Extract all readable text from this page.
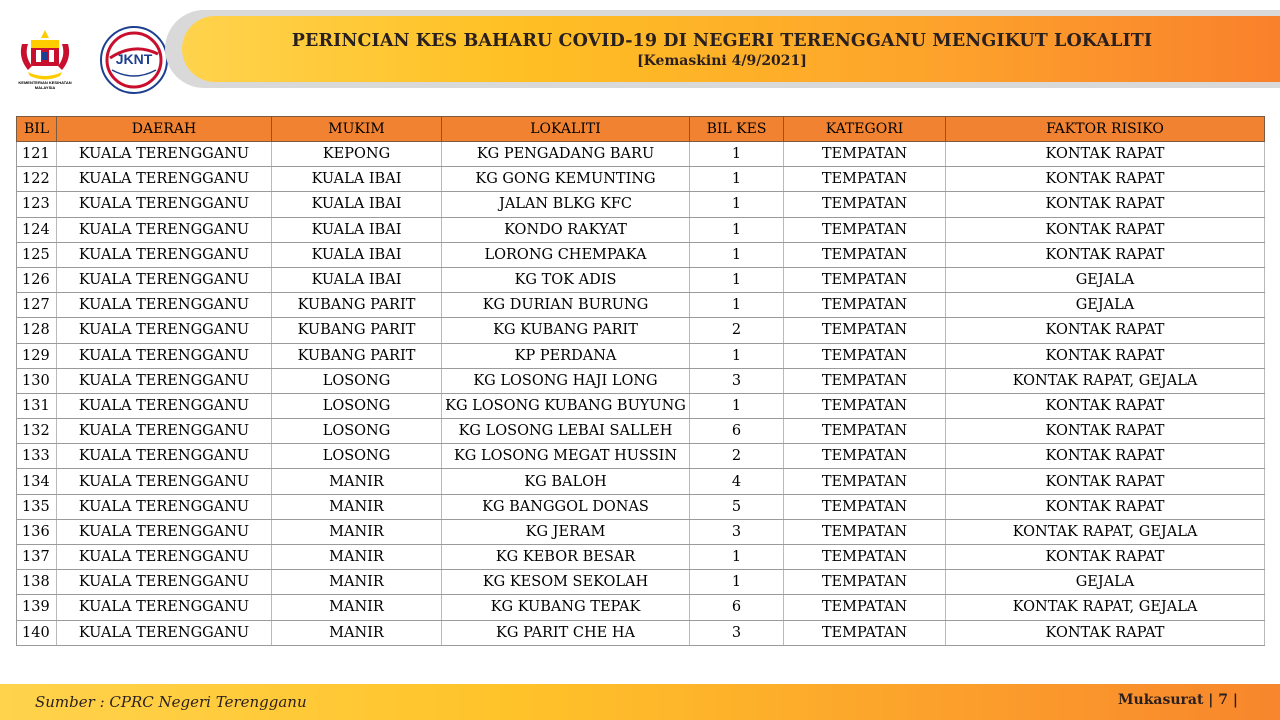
KEMENTERIAN KESIHATAN MALAYSIA
JKNT
PERINCIAN KES BAHARU COVID-19 DI NEGERI TERENGGANU MENGIKUT LOKALITI
[Kemaskini 4/9/2021]
BIL	DAERAH	MUKIM	LOKALITI	BIL KES	KATEGORI	FAKTOR RISIKO
121	KUALA TERENGGANU	KEPONG	KG PENGADANG BARU	1	TEMPATAN	KONTAK RAPAT
122	KUALA TERENGGANU	KUALA IBAI	KG GONG KEMUNTING	1	TEMPATAN	KONTAK RAPAT
123	KUALA TERENGGANU	KUALA IBAI	JALAN BLKG KFC	1	TEMPATAN	KONTAK RAPAT
124	KUALA TERENGGANU	KUALA IBAI	KONDO RAKYAT	1	TEMPATAN	KONTAK RAPAT
125	KUALA TERENGGANU	KUALA IBAI	LORONG CHEMPAKA	1	TEMPATAN	KONTAK RAPAT
126	KUALA TERENGGANU	KUALA IBAI	KG TOK ADIS	1	TEMPATAN	GEJALA
127	KUALA TERENGGANU	KUBANG PARIT	KG DURIAN BURUNG	1	TEMPATAN	GEJALA
128	KUALA TERENGGANU	KUBANG PARIT	KG KUBANG PARIT	2	TEMPATAN	KONTAK RAPAT
129	KUALA TERENGGANU	KUBANG PARIT	KP PERDANA	1	TEMPATAN	KONTAK RAPAT
130	KUALA TERENGGANU	LOSONG	KG LOSONG HAJI LONG	3	TEMPATAN	KONTAK RAPAT, GEJALA
131	KUALA TERENGGANU	LOSONG	KG LOSONG KUBANG BUYUNG	1	TEMPATAN	KONTAK RAPAT
132	KUALA TERENGGANU	LOSONG	KG LOSONG LEBAI SALLEH	6	TEMPATAN	KONTAK RAPAT
133	KUALA TERENGGANU	LOSONG	KG LOSONG MEGAT HUSSIN	2	TEMPATAN	KONTAK RAPAT
134	KUALA TERENGGANU	MANIR	KG BALOH	4	TEMPATAN	KONTAK RAPAT
135	KUALA TERENGGANU	MANIR	KG BANGGOL DONAS	5	TEMPATAN	KONTAK RAPAT
136	KUALA TERENGGANU	MANIR	KG JERAM	3	TEMPATAN	KONTAK RAPAT, GEJALA
137	KUALA TERENGGANU	MANIR	KG KEBOR BESAR	1	TEMPATAN	KONTAK RAPAT
138	KUALA TERENGGANU	MANIR	KG KESOM SEKOLAH	1	TEMPATAN	GEJALA
139	KUALA TERENGGANU	MANIR	KG KUBANG TEPAK	6	TEMPATAN	KONTAK RAPAT, GEJALA
140	KUALA TERENGGANU	MANIR	KG PARIT CHE HA	3	TEMPATAN	KONTAK RAPAT
Sumber : CPRC Negeri Terengganu	Mukasurat | 7 |
